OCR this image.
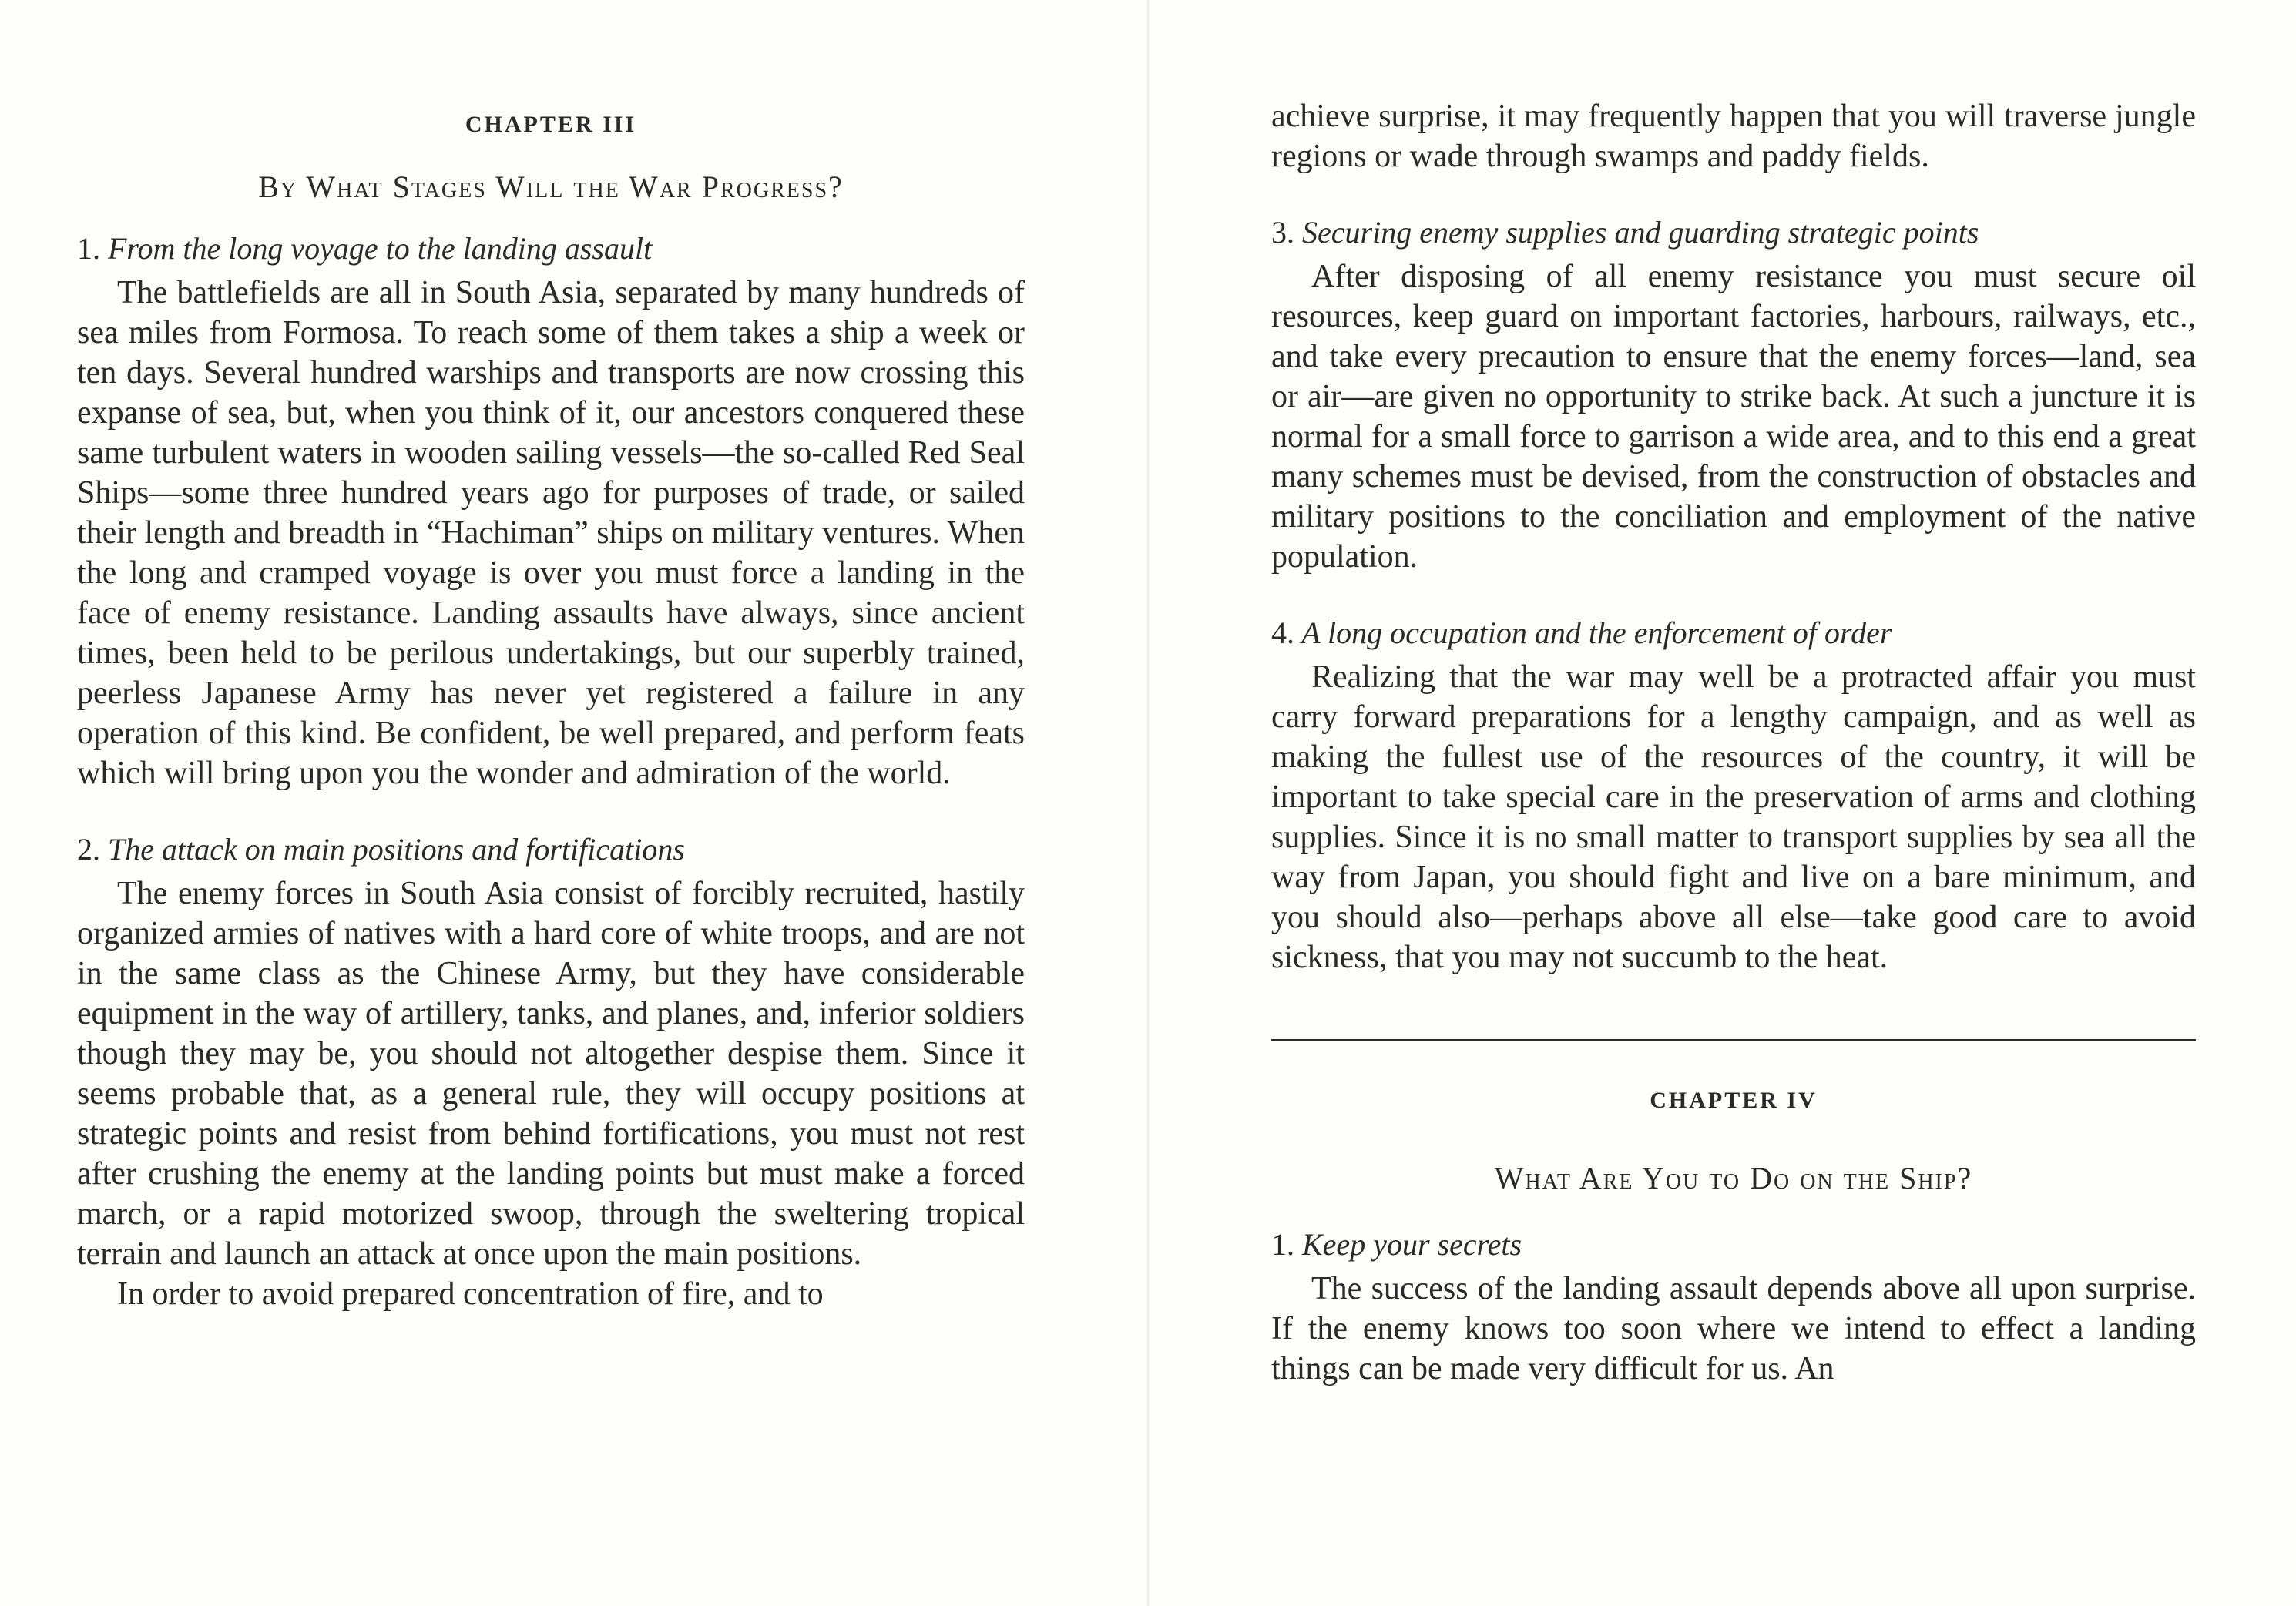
CHAPTER III
By What Stages Will the War Progress?
1. From the long voyage to the landing assault

The battlefields are all in South Asia, separated by many hundreds of sea miles from Formosa. To reach some of them takes a ship a week or ten days. Several hundred warships and transports are now crossing this expanse of sea, but, when you think of it, our ancestors conquered these same turbulent waters in wooden sailing vessels—the so-called Red Seal Ships—some three hundred years ago for purposes of trade, or sailed their length and breadth in “Hachiman” ships on military ventures. When the long and cramped voyage is over you must force a landing in the face of enemy resistance. Landing assaults have always, since ancient times, been held to be perilous undertakings, but our superbly trained, peerless Japanese Army has never yet registered a failure in any operation of this kind. Be confident, be well prepared, and perform feats which will bring upon you the wonder and admiration of the world.

2. The attack on main positions and fortifications

The enemy forces in South Asia consist of forcibly recruited, hastily organized armies of natives with a hard core of white troops, and are not in the same class as the Chinese Army, but they have considerable equipment in the way of artillery, tanks, and planes, and, inferior soldiers though they may be, you should not altogether despise them. Since it seems probable that, as a general rule, they will occupy positions at strategic points and resist from behind fortifications, you must not rest after crushing the enemy at the landing points but must make a forced march, or a rapid motorized swoop, through the sweltering tropical terrain and launch an attack at once upon the main positions.

In order to avoid prepared concentration of fire, and to

achieve surprise, it may frequently happen that you will traverse jungle regions or wade through swamps and paddy fields.

3. Securing enemy supplies and guarding strategic points

After disposing of all enemy resistance you must secure oil resources, keep guard on important factories, harbours, railways, etc., and take every precaution to ensure that the enemy forces—land, sea or air—are given no opportunity to strike back. At such a juncture it is normal for a small force to garrison a wide area, and to this end a great many schemes must be devised, from the construction of obstacles and military positions to the conciliation and employment of the native population.

4. A long occupation and the enforcement of order

Realizing that the war may well be a protracted affair you must carry forward preparations for a lengthy campaign, and as well as making the fullest use of the resources of the country, it will be important to take special care in the preservation of arms and clothing supplies. Since it is no small matter to transport supplies by sea all the way from Japan, you should fight and live on a bare minimum, and you should also—perhaps above all else—take good care to avoid sickness, that you may not succumb to the heat.

CHAPTER IV
What Are You to Do on the Ship?
1. Keep your secrets

The success of the landing assault depends above all upon surprise. If the enemy knows too soon where we intend to effect a landing things can be made very difficult for us. An
